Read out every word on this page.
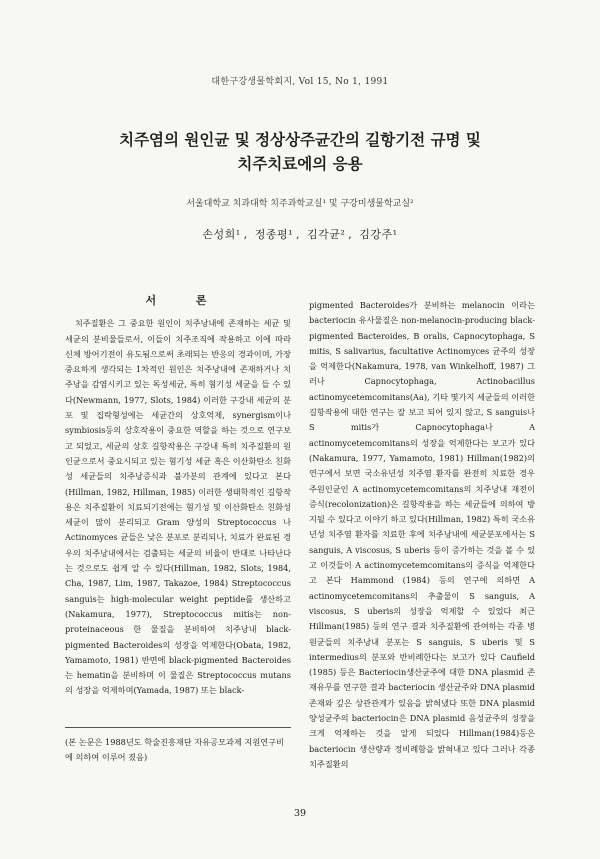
대한구강생물학회지, Vol 15, No 1, 1991
치주염의 원인균 및 정상상주균간의 길항기전 규명 및
치주치료에의 응용
서울대학교 치과대학 치주과학교실¹ 및 구강미생물학교실²
손성희¹ , 정종평¹ , 김각균² , 김강주¹
서 론

치주질환은 그 중요한 원인이 치주낭내에 존재하는 세균 및 세균의 분비물들로서, 이들이 치주조직에 작용하고 이에 따라 신체 방어기전이 유도됨으로써 초래되는 반응의 경과이며, 가장 중요하게 생각되는 1차적인 원인은 치주낭내에 존재하거나 치주낭을 감염시키고 있는 독성세균, 특히 혐기성 세균을 들 수 있다(Newmann, 1977, Slots, 1984) 이러한 구강내 세균의 분포 및 집락형성에는 세균간의 상호억제, synergism이나 symbiosis등의 상호작용이 중요한 역할을 하는 것으로 연구보고 되었고, 세균의 상호 길항작용은 구강내 특히 치주질환의 원인균으로서 중요시되고 있는 혐기성 세균 혹은 이산화탄소 친화성 세균들의 치주낭증식과 불가분의 관계에 있다고 본다(Hillman, 1982, Hillman, 1985) 이러한 생태학적인 길항작용은 치주질환이 치료되기전에는 혐기성 및 이산화탄소 친화성 세균이 많이 분리되고 Gram 양성의 Streptococcus 나 Actinomyces 균들은 낮은 분포로 분리되나, 치료가 완료된 경우의 치주낭내에서는 검출되는 세균의 비율이 반대로 나타난다는 것으로도 쉽게 알 수 있다(Hillman, 1982, Slots, 1984, Cha, 1987, Lim, 1987, Takazoe, 1984) Streptococcus sanguis는 high-molecular weight peptide를 생산하고(Nakamura, 1977), Streptococcus mitis는 non-proteinaceous 한 물질을 분비하여 치주낭내 black-pigmented Bacteroides의 성장을 억제한다(Obata, 1982, Yamamoto, 1981) 반면에 black-pigmented Bacteroides는 hematin을 분비하며 이 물질은 Streptococcus mutans의 성장을 억제하며(Yamada, 1987) 또는 black-

pigmented Bacteroides가 분비하는 melanocin 이라는 bacteriocin 유사물질은 non-melanocin-producing black-pigmented Bacteroides, B oralis, Capnocytophaga, S mitis, S salivarius, facultative Actinomyces 균주의 성장을 억제한다(Nakamura, 1978, van Winkelhoff, 1987) 그러나 Capnocytophaga, Actinobacillus actinomycetemcomitans(Aa), 기타 몇가지 세균들의 이러한 길항작용에 대한 연구는 잘 보고 되어 있지 않고, S sanguis나 S mitis가 Capnocytophaga나 A actinomycetemcomitans의 성장을 억제한다는 보고가 있다(Nakamura, 1977, Yamamoto, 1981) Hillman(1982)의 연구에서 보면 국소유년성 치주염 환자를 완전히 치료한 경우 주원인균인 A actinomycetemcomitans의 치주낭내 재전이증식(recolonization)은 길항작용을 하는 세균들에 의하여 방지될 수 있다고 이야기 하고 있다(Hillman, 1982) 특히 국소유년성 치주염 환자를 치료한 후에 치주낭내에 세균분포에서는 S sanguis, A viscosus, S uberis 등이 증가하는 것을 볼 수 있고 이것들이 A actinomycetemcomitans의 증식을 억제한다고 본다 Hammond (1984) 등의 연구에 의하면 A actinomycetemcomitans의 추출물이 S sanguis, A viscosus, S uberis의 성장을 억제할 수 있었다 최근 Hillman(1985) 등의 연구 결과 치주질환에 관여하는 각종 병원균들의 치주낭내 분포는 S sanguis, S uberis 및 S intermedius의 분포와 반비례한다는 보고가 있다 Caufield (1985) 등은 Bacteriocin생산균주에 대한 DNA plasmid 존재유무를 연구한 결과 bacteriocin 생산균주와 DNA plasmid 존재와 깊은 상관관계가 있음을 밝혀냈다 또한 DNA plasmid 양성균주의 bacteriocin은 DNA plasmid 음성균주의 성장을 크게 억제하는 것을 알게 되었다 Hillman(1984)등은 bacteriocin 생산량과 정비례함을 밝혀내고 있다 그러나 각종 치주질환의

(본 논문은 1988년도 학술진흥재단 자유공모과제 지원연구비에 의하여 이루어 졌음)
39
